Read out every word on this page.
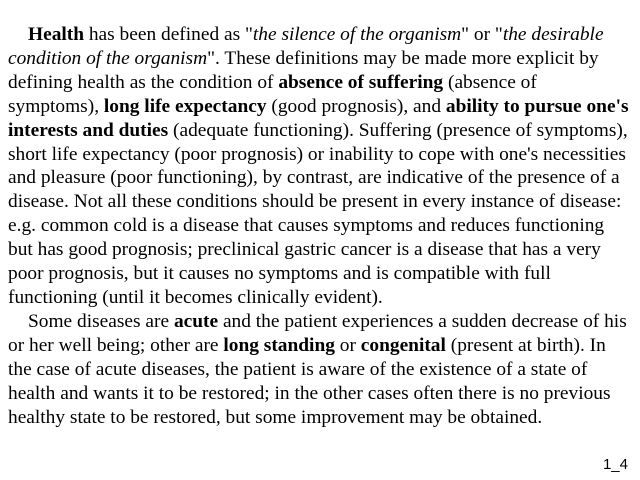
Health has been defined as "the silence of the organism" or "the desirable condition of the organism". These definitions may be made more explicit by defining health as the condition of absence of suffering (absence of symptoms), long life expectancy (good prognosis), and ability to pursue one's interests and duties (adequate functioning). Suffering (presence of symptoms), short life expectancy (poor prognosis) or inability to cope with one's necessities and pleasure (poor functioning), by contrast, are indicative of the presence of a disease. Not all these conditions should be present in every instance of disease: e.g. common cold is a disease that causes symptoms and reduces functioning but has good prognosis; preclinical gastric cancer is a disease that has a very poor prognosis, but it causes no symptoms and is compatible with full functioning (until it becomes clinically evident).

Some diseases are acute and the patient experiences a sudden decrease of his or her well being; other are long standing or congenital (present at birth). In the case of acute diseases, the patient is aware of the existence of a state of health and wants it to be restored; in the other cases often there is no previous healthy state to be restored, but some improvement may be obtained.

1_4
